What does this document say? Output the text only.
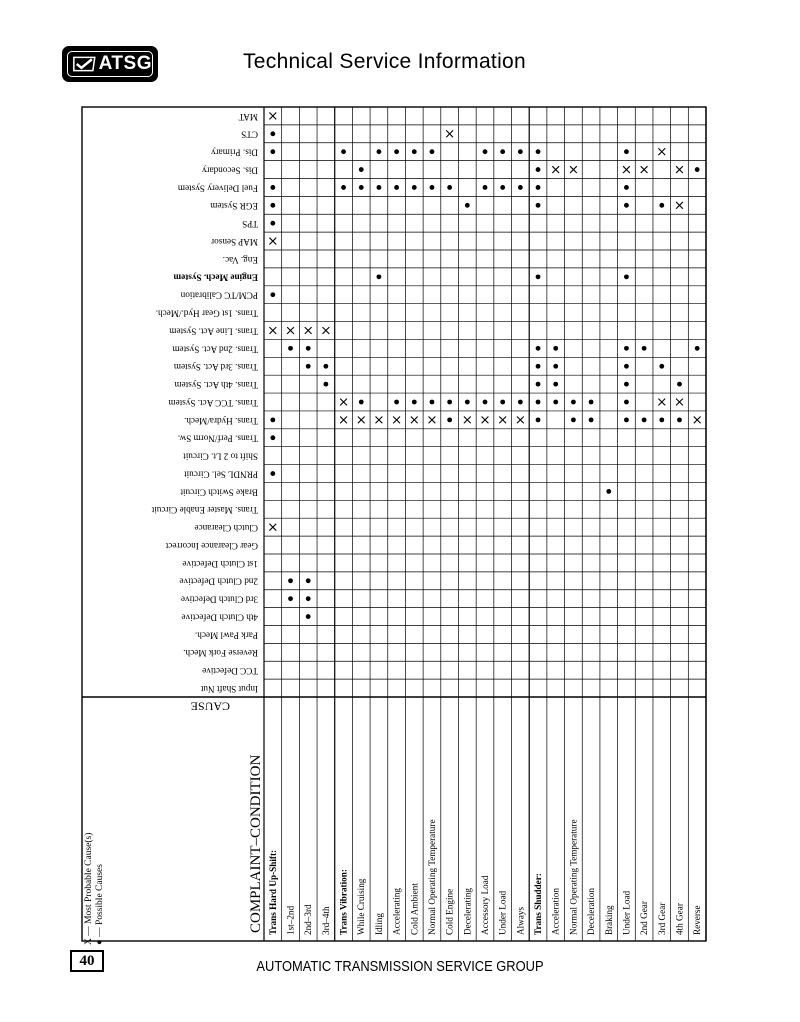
ATSG	Technical Service Information
MAT
CTS
Dis. Primary
Dis. Secondary
Fuel Delivery System
EGR System
TPS
MAP Sensor
Eng. Vac.
Engine Mech. System
PCM/TC Calibration
Trans. 1st Gear Hyd./Mech.
Trans. Line Act. System
Trans. 2nd Act. System
Trans. 3rd Act. System
Trans. 4th Act. System
Trans. TCC Act. System
Trans. Hydra/Mech.
Trans. Perf/Norm Sw.
Shift to 2 Lt. Circuit
PRNDL Sel. Circuit
Brake Switch Circuit
Trans. Master Enable Circuit
Clutch Clearance
Gear Clearance Incorrect
1st Clutch Defective
2nd Clutch Defective
3rd Clutch Defective
4th Clutch Defective
Park Pawl Mech.
Reverse Fork Mech.
TCC Defective
Input Shaft Nut
Trans Hard Up-Shift: 1st–2nd 2nd–3rd 3rd–4th Trans Vibration: While Cruising Idling Accelerating Cold Ambient Normal Operating Temperature Cold Engine Decelerating Accessory Load Under Load Always Trans Shudder: Acceleration Normal Operating Temperature Deceleration Braking Under Load 2nd Gear 3rd Gear 4th Gear Reverse
COMPLAINT–CONDITION
CAUSE
X — Most Probable Cause(s) ● — Possible Causes
40	AUTOMATIC TRANSMISSION SERVICE GROUP
